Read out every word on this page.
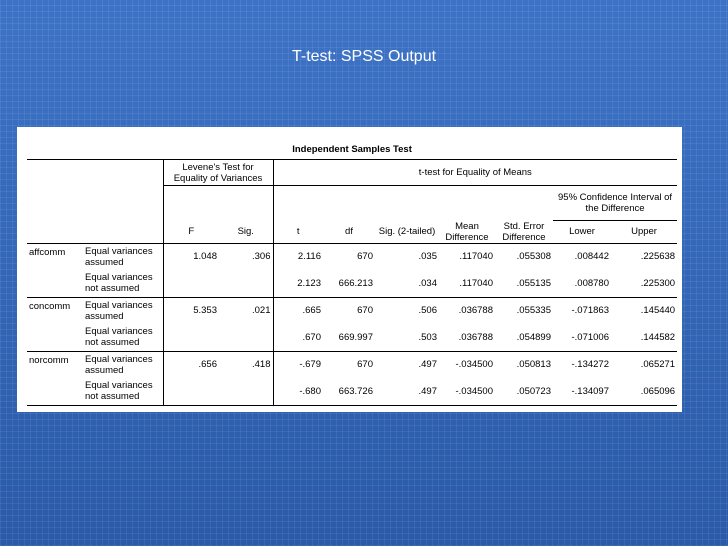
T-test: SPSS Output
Independent Samples Test										
		Levene's Test for Equality of Variances		t-test for Equality of Means						
									95% Confidence Interval of the Difference	
		F	Sig.	t	df	Sig. (2-tailed)	Mean Difference	Std. Error Difference	Lower	Upper
affcomm	Equal variances assumed	1.048	.306	2.116	670	.035	.117040	.055308	.008442	.225638
	Equal variances not assumed			2.123	666.213	.034	.117040	.055135	.008780	.225300
concomm	Equal variances assumed	5.353	.021	.665	670	.506	.036788	.055335	-.071863	.145440
	Equal variances not assumed			.670	669.997	.503	.036788	.054899	-.071006	.144582
norcomm	Equal variances assumed	.656	.418	-.679	670	.497	-.034500	.050813	-.134272	.065271
	Equal variances not assumed			-.680	663.726	.497	-.034500	.050723	-.134097	.065096
